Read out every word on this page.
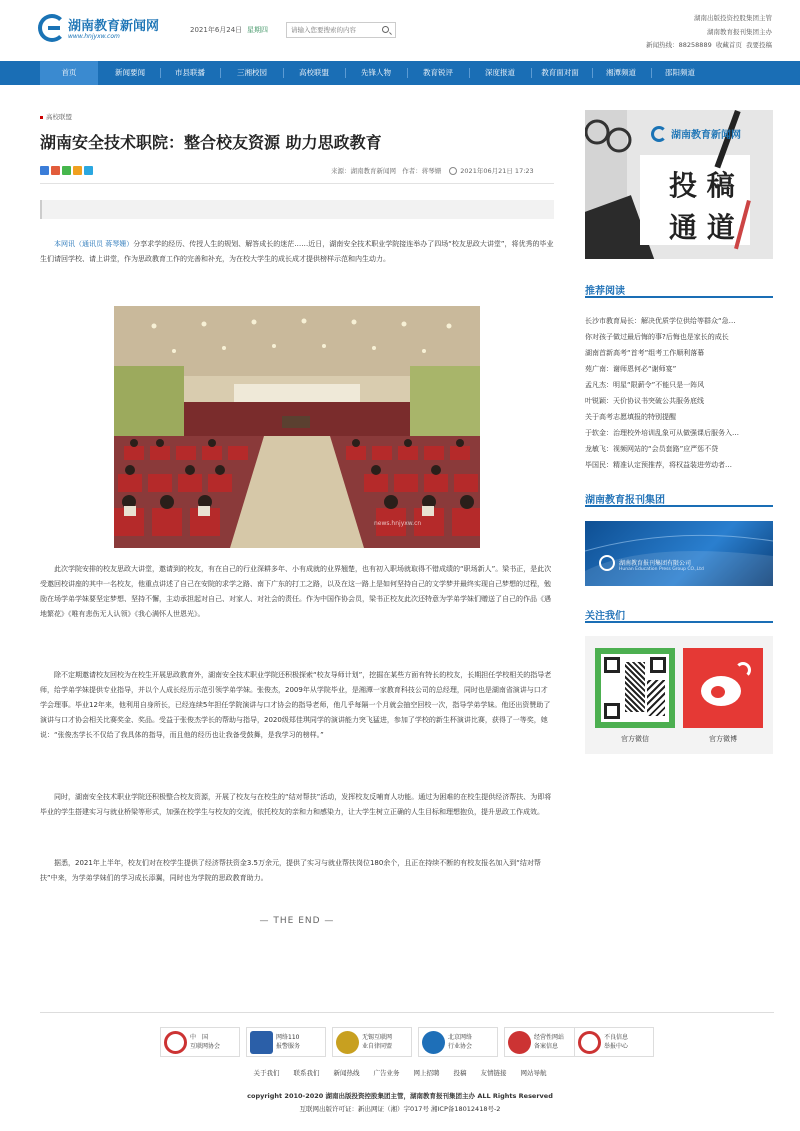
湖南教育新闻网
www.hnjyxw.com
2021年6月24日 星期四
请输入您要搜索的内容
湖南出版投资控股集团主管
湖南教育报刊集团主办
新闻热线：88258889 收藏首页 我要投稿
首页	新闻要闻	市县联播	三湘校园	高校联盟	先锋人物	教育锐评	深度报道	教育面对面	湘潭频道	邵阳频道
高校联盟
湖南安全技术职院：整合校友资源 助力思政教育
来源：湖南教育新闻网 作者：蒋琴姗	2021年06月21日 17:23
本网讯（通讯员 蒋琴姗）分享求学的经历、传授人生的规划、解答成长的迷茫……近日，湖南安全技术职业学院接连举办了四场“校友思政大讲堂”，将优秀的毕业生们请回学校、请上讲堂，作为思政教育工作的完善和补充，为在校大学生的成长成才提供榜样示范和内生动力。
news.hnjyxw.cn
此次学院安排的校友思政大讲堂，邀请到的校友，有在自己的行业深耕多年、小有成就的业界翘楚，也有初入职场就取得不错成绩的“职场新人”。梁书正，是此次受邀回校讲座的其中一名校友，他重点讲述了自己在安院的求学之路、南下广东的打工之路，以及在这一路上是如何坚持自己的文学梦并最终实现自己梦想的过程，勉励在场学弟学妹要坚定梦想、坚持不懈，主动承担起对自己、对家人、对社会的责任。作为中国作协会员，梁书正校友此次还特意为学弟学妹们赠送了自己的作品《遇地繁花》《唯有悲伤无人认领》《我心满怀人世恩光》。
除不定期邀请校友回校为在校生开展思政教育外，湖南安全技术职业学院还积极探索“校友导师计划”，挖掘在某些方面有特长的校友，长期担任学校相关的指导老师，给学弟学妹提供专业指导，并以个人成长经历示范引领学弟学妹。张俊杰，2009年从学院毕业，是湘潭一家教育科技公司的总经理，同时也是湖南省演讲与口才学会理事。毕业12年来，他利用自身所长，已经连续5年担任学院演讲与口才协会的指导老师，他几乎每隔一个月就会抽空回校一次，指导学弟学妹。他还出资赞助了演讲与口才协会相关比赛奖金、奖品。受益于张俊杰学长的帮助与指导，2020级郑佳琪同学的演讲能力突飞猛进，参加了学校的新生杯演讲比赛，获得了一等奖，她说：“张俊杰学长不仅给了我具体的指导，而且他的经历也让我备受鼓舞，是我学习的榜样。”
同时，湖南安全技术职业学院还积极整合校友资源，开展了校友与在校生的“结对帮扶”活动，发挥校友反哺育人功能。通过为困难的在校生提供经济帮扶、为即将毕业的学生搭建实习与就业桥梁等形式，加强在校学生与校友的交流，依托校友的亲和力和感染力，让大学生树立正确的人生目标和理想抱负，提升思政工作成效。
据悉，2021年上半年，校友们对在校学生提供了经济帮扶资金3.5万余元，提供了实习与就业帮扶岗位180余个，且正在持续不断的有校友报名加入到“结对帮扶”中来，为学弟学妹们的学习成长添翼，同时也为学院的思政教育助力。
— THE END —
湖南教育新闻网
投 稿
通 道
推荐阅读
长沙市教育局长：解决优质学位供给等群众“急…
你对孩子做过最后悔的事?后悔也是家长的成长
湖南首新高考“首考”组考工作顺利落幕
苑广南：谢师恩何必“谢师宴”
孟凡杰：明星“限薪令”不能只是一阵风
叶锐颖：天价协议书突破公共服务底线
关于高考志愿填报的特别提醒
于软金：治理校外培训乱象可从做强课后服务入…
龙敏飞：视频网站的“会员套路”应严惩不贷
毕国民：精准认定预推荐，将权益装进劳动者…
湖南教育报刊集团
湖南教育报刊集团有限公司
Hunan Education Press Group CO.,Ltd
关注我们
官方微信	官方微博
中　国
互联网协会
网络110
报警服务
无锡互联网
业自律同盟
北京网络
行业协会
经营性网站
备案信息
不良信息
举报中心
关于我们 联系我们 新闻热线 广告业务 网上招聘 投稿 友情链接 网站导航
copyright 2010-2020 湖南出版投资控股集团主管，湖南教育报刊集团主办 ALL Rights Reserved
互联网出版许可证：新出网证（湘）字017号 湘ICP备18012418号-2
